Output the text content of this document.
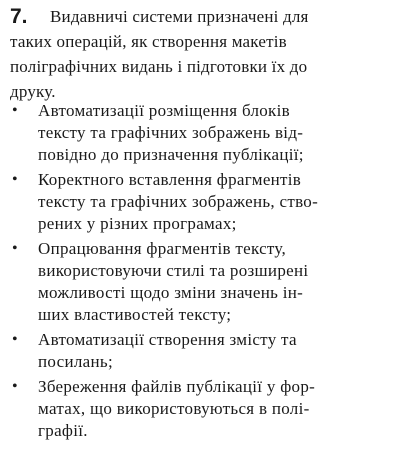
7. Видавничі системи призначені для
таких операцій, як створення макетів
поліграфічних видань і підготовки їх до
друку.
•	Автоматизації розміщення блоків
тексту та графічних зображень від-
повідно до призначення публікації;
•	Коректного вставлення фрагментів
тексту та графічних зображень, ство-
рених у різних програмах;
•	Опрацювання фрагментів тексту,
використовуючи стилі та розширені
можливості щодо зміни значень ін-
ших властивостей тексту;
•	Автоматизації створення змісту та
посилань;
•	Збереження файлів публікації у фор-
матах, що використовуються в полі-
графії.
